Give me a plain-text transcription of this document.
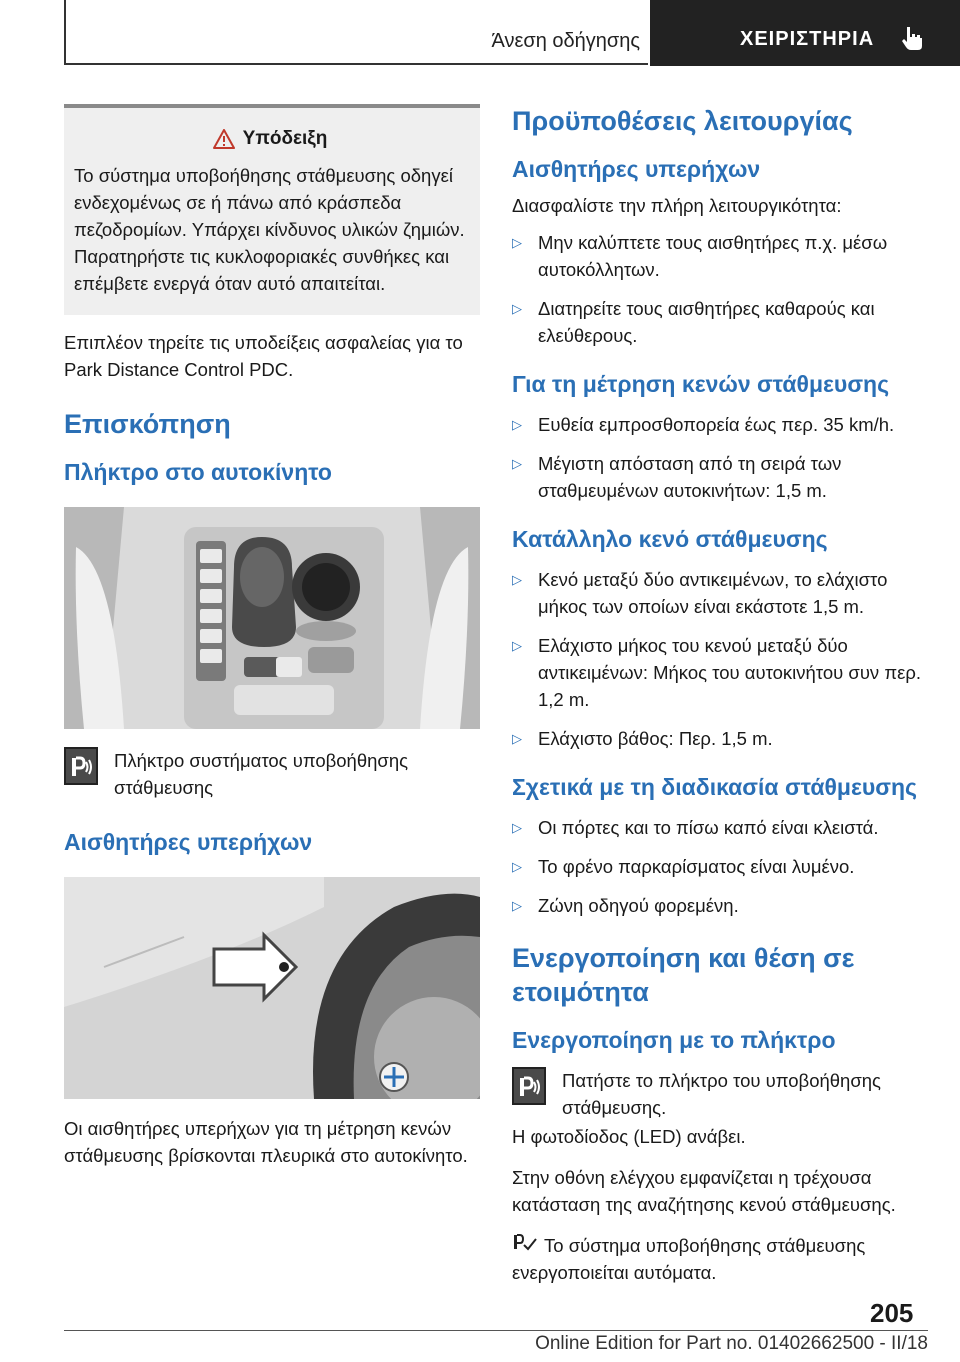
Άνεση οδήγησης	ΧΕΙΡΙΣΤΗΡΙΑ
Υπόδειξη

Το σύστημα υποβοήθησης στάθμευσης οδηγεί ενδεχομένως σε ή πάνω από κράσπεδα πεζοδρομίων. Υπάρχει κίνδυνος υλικών ζημιών. Παρατηρήστε τις κυκλοφοριακές συνθήκες και επέμβετε ενεργά όταν αυτό απαιτείται.

Επιπλέον τηρείτε τις υποδείξεις ασφαλείας για το Park Distance Control PDC.

Επισκόπηση
Πλήκτρο στο αυτοκίνητο

Πλήκτρο συστήματος υποβοήθησης στάθμευσης

Αισθητήρες υπερήχων

Οι αισθητήρες υπερήχων για τη μέτρηση κενών στάθμευσης βρίσκονται πλευρικά στο αυτοκίνητο.

Προϋποθέσεις λειτουργίας
Αισθητήρες υπερήχων

Διασφαλίστε την πλήρη λειτουργικότητα:

▷ Μην καλύπτετε τους αισθητήρες π.χ. μέσω αυτοκόλλητων.
▷ Διατηρείτε τους αισθητήρες καθαρούς και ελεύθερους.
Για τη μέτρηση κενών στάθμευσης
▷ Ευθεία εμπροσθοπορεία έως περ. 35 km/h.
▷ Μέγιστη απόσταση από τη σειρά των σταθμευμένων αυτοκινήτων: 1,5 m.
Κατάλληλο κενό στάθμευσης
▷ Κενό μεταξύ δύο αντικειμένων, το ελάχιστο μήκος των οποίων είναι εκάστοτε 1,5 m.
▷ Ελάχιστο μήκος του κενού μεταξύ δύο αντικειμένων: Μήκος του αυτοκινήτου συν περ. 1,2 m.
▷ Ελάχιστο βάθος: Περ. 1,5 m.
Σχετικά με τη διαδικασία στάθμευσης
▷ Οι πόρτες και το πίσω καπό είναι κλειστά.
▷ Το φρένο παρκαρίσματος είναι λυμένο.
▷ Ζώνη οδηγού φορεμένη.
Ενεργοποίηση και θέση σε ετοιμότητα
Ενεργοποίηση με το πλήκτρο

Πατήστε το πλήκτρο του υποβοήθησης στάθμευσης.

Η φωτοδίοδος (LED) ανάβει.

Στην οθόνη ελέγχου εμφανίζεται η τρέχουσα κατάσταση της αναζήτησης κενού στάθμευσης.

Το σύστημα υποβοήθησης στάθμευσης ενεργοποιείται αυτόματα.

205
Online Edition for Part no. 01402662500 - II/18
